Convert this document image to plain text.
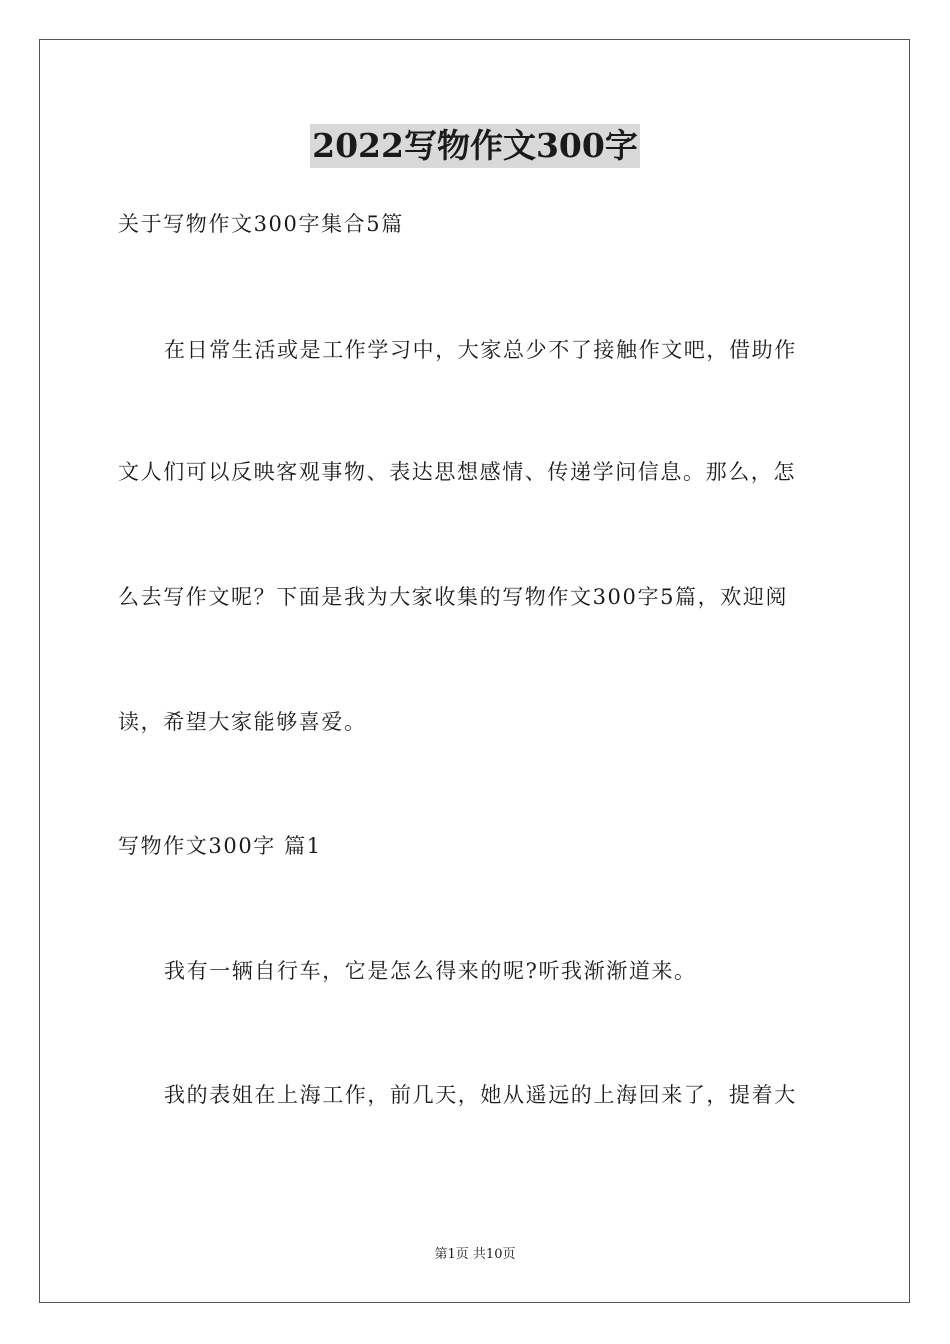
2022写物作文300字
关于写物作文300字集合5篇
在日常生活或是工作学习中，大家总少不了接触作文吧，借助作
文人们可以反映客观事物、表达思想感情、传递学问信息。那么，怎
么去写作文呢？下面是我为大家收集的写物作文300字5篇，欢迎阅
读，希望大家能够喜爱。
写物作文300字 篇1
我有一辆自行车，它是怎么得来的呢?听我渐渐道来。
我的表姐在上海工作，前几天，她从遥远的上海回来了，提着大
第1页 共10页
